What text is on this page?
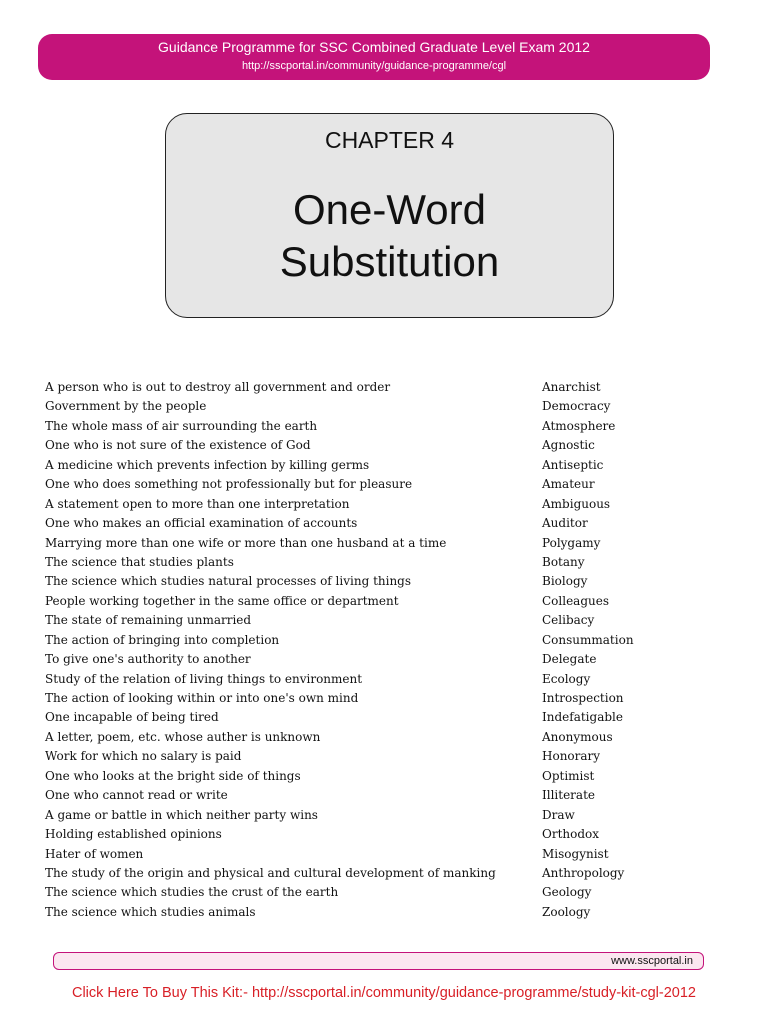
Guidance Programme for SSC Combined Graduate Level Exam 2012
http://sscportal.in/community/guidance-programme/cgl
CHAPTER 4
One-Word
Substitution
A person who is out to destroy all government and order	Anarchist
Government by the people	Democracy
The whole mass of air surrounding the earth	Atmosphere
One who is not sure of the existence of God	Agnostic
A medicine which prevents infection by killing germs	Antiseptic
One who does something not professionally but for pleasure	Amateur
A statement open to more than one interpretation	Ambiguous
One who makes an official examination of accounts	Auditor
Marrying more than one wife or more than one husband at a time	Polygamy
The science that studies plants	Botany
The science which studies natural processes of living things	Biology
People working together in the same office or department	Colleagues
The state of remaining unmarried	Celibacy
The action of bringing into completion	Consummation
To give one's authority to another	Delegate
Study of the relation of living things to environment	Ecology
The action of looking within or into one's own mind	Introspection
One incapable of being tired	Indefatigable
A letter, poem, etc. whose auther is unknown	Anonymous
Work for which no salary is paid	Honorary
One who looks at the bright side of things	Optimist
One who cannot read or write	Illiterate
A game or battle in which neither party wins	Draw
Holding established opinions	Orthodox
Hater of women	Misogynist
The study of the origin and physical and cultural development of manking	Anthropology
The science which studies the crust of the earth	Geology
The science which studies animals	Zoology
www.sscportal.in
Click Here To Buy This Kit:- http://sscportal.in/community/guidance-programme/study-kit-cgl-2012
